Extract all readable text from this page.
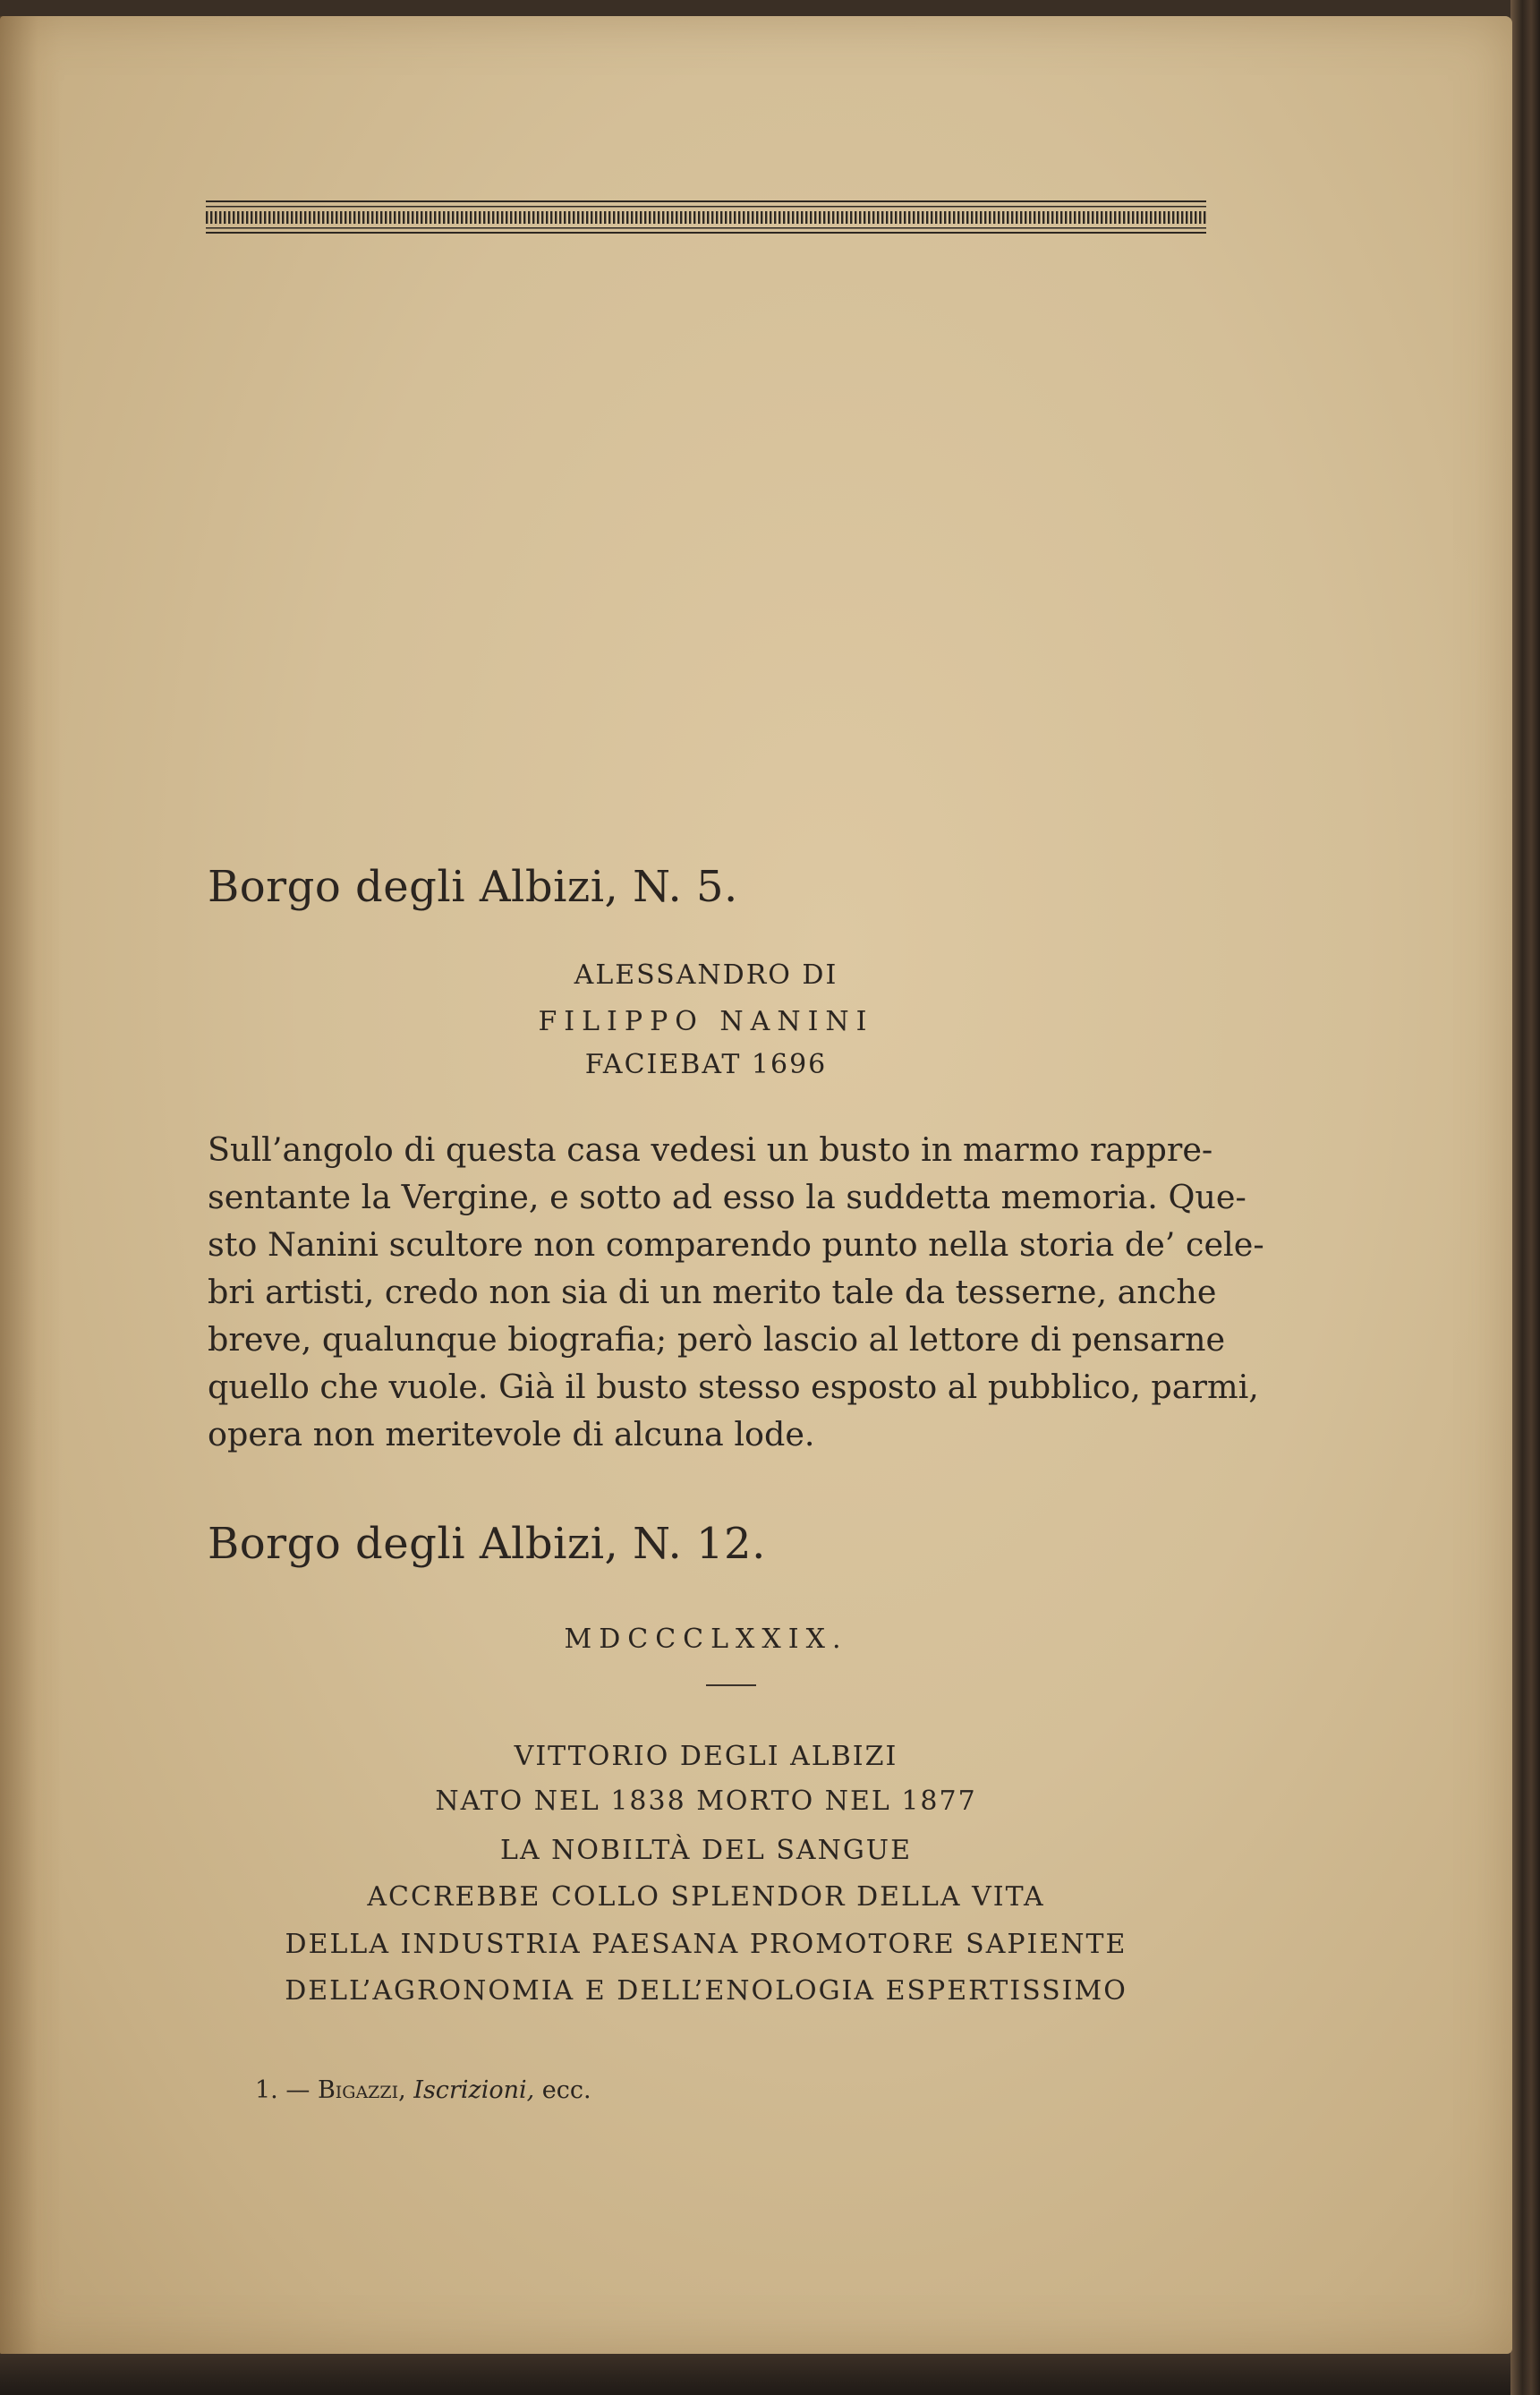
Borgo degli Albizi, N. 5.
ALESSANDRO DI
FILIPPO NANINI
FACIEBAT 1696
Sull’angolo di questa casa vedesi un busto in marmo rappre-
sentante la Vergine, e sotto ad esso la suddetta memoria. Que-
sto Nanini scultore non comparendo punto nella storia de’ cele-
bri artisti, credo non sia di un merito tale da tesserne, anche
breve, qualunque biografia; però lascio al lettore di pensarne
quello che vuole. Già il busto stesso esposto al pubblico, parmi,
opera non meritevole di alcuna lode.
Borgo degli Albizi, N. 12.
MDCCCLXXIX.
VITTORIO DEGLI ALBIZI
NATO NEL 1838 MORTO NEL 1877
LA NOBILTÀ DEL SANGUE
ACCREBBE COLLO SPLENDOR DELLA VITA
DELLA INDUSTRIA PAESANA PROMOTORE SAPIENTE
DELL’AGRONOMIA E DELL’ENOLOGIA ESPERTISSIMO
1. — Bigazzi, Iscrizioni, ecc.
